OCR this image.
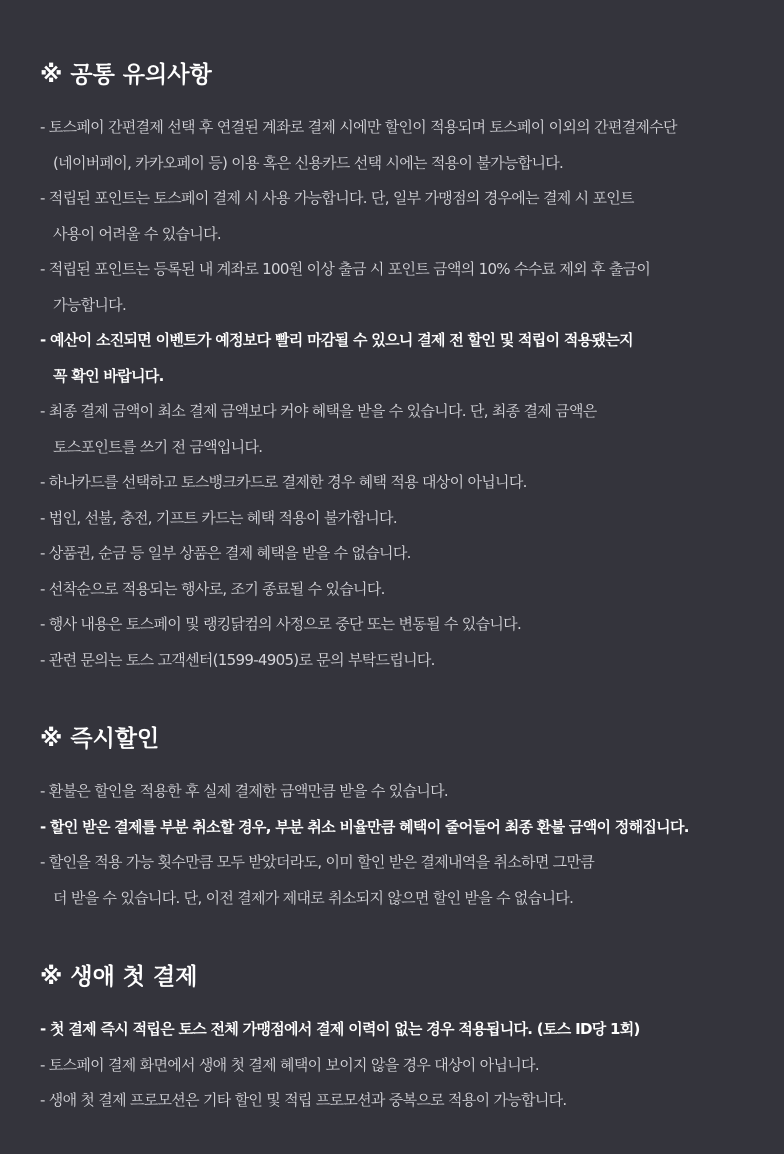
※ 공통 유의사항
- 토스페이 간편결제 선택 후 연결된 계좌로 결제 시에만 할인이 적용되며 토스페이 이외의 간편결제수단
(네이버페이, 카카오페이 등) 이용 혹은 신용카드 선택 시에는 적용이 불가능합니다.
- 적립된 포인트는 토스페이 결제 시 사용 가능합니다. 단, 일부 가맹점의 경우에는 결제 시 포인트
사용이 어려울 수 있습니다.
- 적립된 포인트는 등록된 내 계좌로 100원 이상 출금 시 포인트 금액의 10% 수수료 제외 후 출금이
가능합니다.
- 예산이 소진되면 이벤트가 예정보다 빨리 마감될 수 있으니 결제 전 할인 및 적립이 적용됐는지
꼭 확인 바랍니다.
- 최종 결제 금액이 최소 결제 금액보다 커야 혜택을 받을 수 있습니다. 단, 최종 결제 금액은
토스포인트를 쓰기 전 금액입니다.
- 하나카드를 선택하고 토스뱅크카드로 결제한 경우 혜택 적용 대상이 아닙니다.
- 법인, 선불, 충전, 기프트 카드는 혜택 적용이 불가합니다.
- 상품권, 순금 등 일부 상품은 결제 혜택을 받을 수 없습니다.
- 선착순으로 적용되는 행사로, 조기 종료될 수 있습니다.
- 행사 내용은 토스페이 및 랭킹닭컴의 사정으로 중단 또는 변동될 수 있습니다.
- 관련 문의는 토스 고객센터(1599-4905)로 문의 부탁드립니다.
※ 즉시할인
- 환불은 할인을 적용한 후 실제 결제한 금액만큼 받을 수 있습니다.
- 할인 받은 결제를 부분 취소할 경우, 부분 취소 비율만큼 혜택이 줄어들어 최종 환불 금액이 정해집니다.
- 할인을 적용 가능 횟수만큼 모두 받았더라도, 이미 할인 받은 결제내역을 취소하면 그만큼
더 받을 수 있습니다. 단, 이전 결제가 제대로 취소되지 않으면 할인 받을 수 없습니다.
※ 생애 첫 결제
- 첫 결제 즉시 적립은 토스 전체 가맹점에서 결제 이력이 없는 경우 적용됩니다. (토스 ID당 1회)
- 토스페이 결제 화면에서 생애 첫 결제 혜택이 보이지 않을 경우 대상이 아닙니다.
- 생애 첫 결제 프로모션은 기타 할인 및 적립 프로모션과 중복으로 적용이 가능합니다.
